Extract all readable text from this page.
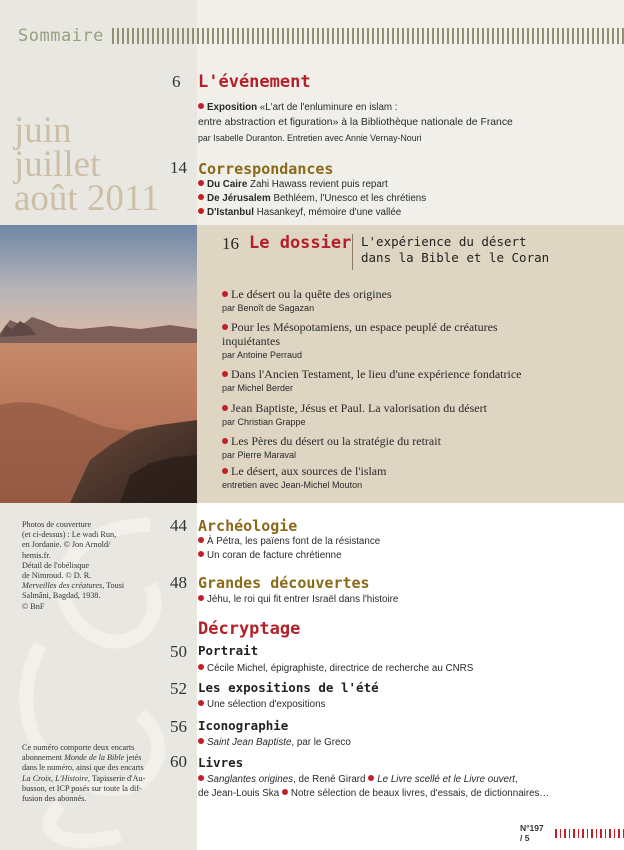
Sommaire
juin
juillet
août 2011
6 L'événement
Exposition «L'art de l'enluminure en islam :
entre abstraction et figuration» à la Bibliothèque nationale de France
par Isabelle Duranton. Entretien avec Annie Vernay-Nouri
14 Correspondances
Du Caire Zahi Hawass revient puis repart
De Jérusalem Bethléem, l'Unesco et les chrétiens
D'Istanbul Hasankeyf, mémoire d'une vallée
16 Le dossier L'expérience du désert
dans la Bible et le Coran
Le désert ou la quête des origines
par Benoît de Sagazan
Pour les Mésopotamiens, un espace peuplé de créatures
inquiétantes
par Antoine Perraud
Dans l'Ancien Testament, le lieu d'une expérience fondatrice
par Michel Berder
Jean Baptiste, Jésus et Paul. La valorisation du désert
par Christian Grappe
Les Pères du désert ou la stratégie du retrait
par Pierre Maraval
Le désert, aux sources de l'islam
entretien avec Jean-Michel Mouton
Photos de couverture
(et ci-dessus) : Le wadi Run,
en Jordanie. © Jon Arnold/
hemis.fr.
Détail de l'obélisque
de Nimroud. © D. R.
Merveilles des créatures, Tousi
Salmâni, Bagdad, 1938.
© BnF
44 Archéologie
À Pétra, les païens font de la résistance
Un coran de facture chrétienne
48 Grandes découvertes
Jéhu, le roi qui fit entrer Israël dans l'histoire
Décryptage
50 Portrait
Cécile Michel, épigraphiste, directrice de recherche au CNRS
52 Les expositions de l'été
Une sélection d'expositions
56 Iconographie
Saint Jean Baptiste, par le Greco
60 Livres
Sanglantes origines, de René Girard Le Livre scellé et le Livre ouvert,
de Jean-Louis Ska Notre sélection de beaux livres, d'essais, de dictionnaires…
Ce numéro comporte deux encarts
abonnement Monde de la Bible jetés
dans le numéro, ainsi que des encarts
La Croix, L'Histoire, Tapisserie d'Au-
busson, et ICP posés sur toute la dif-
fusion des abonnés.
N°197 / 5
